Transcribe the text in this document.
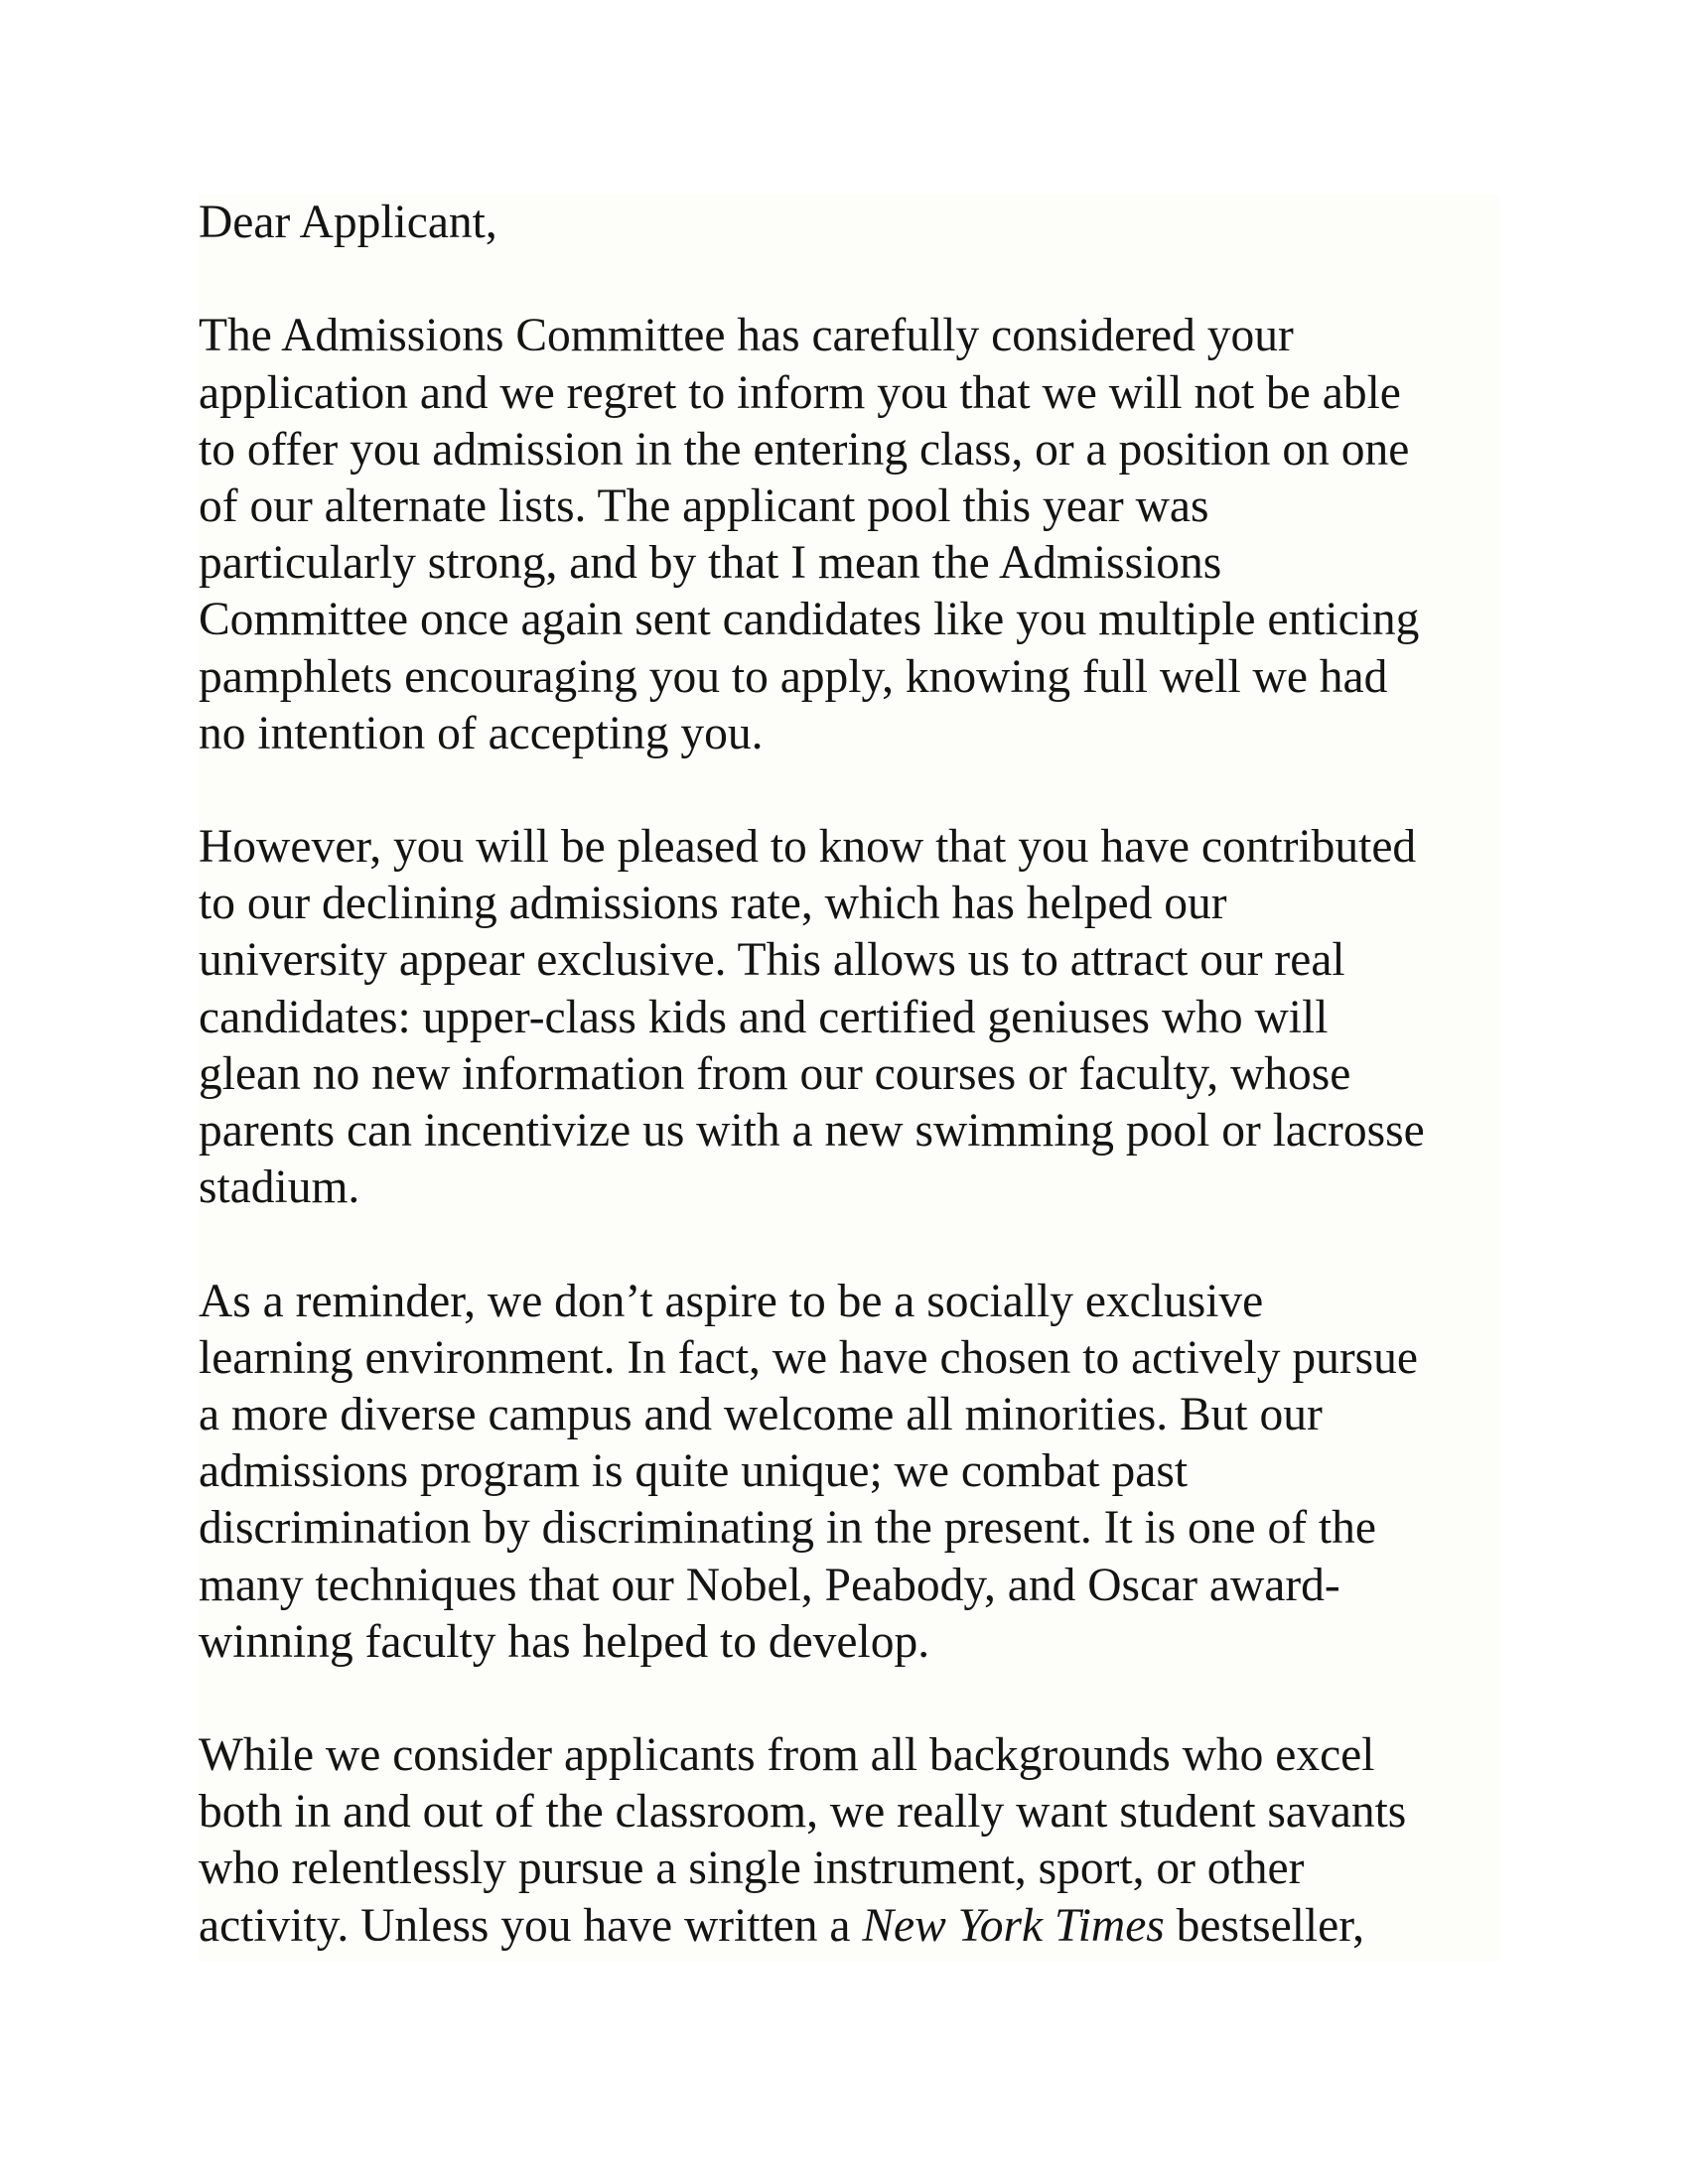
Dear Applicant,

The Admissions Committee has carefully considered your
application and we regret to inform you that we will not be able
to offer you admission in the entering class, or a position on one
of our alternate lists. The applicant pool this year was
particularly strong, and by that I mean the Admissions
Committee once again sent candidates like you multiple enticing
pamphlets encouraging you to apply, knowing full well we had
no intention of accepting you.

However, you will be pleased to know that you have contributed
to our declining admissions rate, which has helped our
university appear exclusive. This allows us to attract our real
candidates: upper-class kids and certified geniuses who will
glean no new information from our courses or faculty, whose
parents can incentivize us with a new swimming pool or lacrosse
stadium.

As a reminder, we don’t aspire to be a socially exclusive
learning environment. In fact, we have chosen to actively pursue
a more diverse campus and welcome all minorities. But our
admissions program is quite unique; we combat past
discrimination by discriminating in the present. It is one of the
many techniques that our Nobel, Peabody, and Oscar award-
winning faculty has helped to develop.

While we consider applicants from all backgrounds who excel
both in and out of the classroom, we really want student savants
who relentlessly pursue a single instrument, sport, or other
activity. Unless you have written a New York Times bestseller,
